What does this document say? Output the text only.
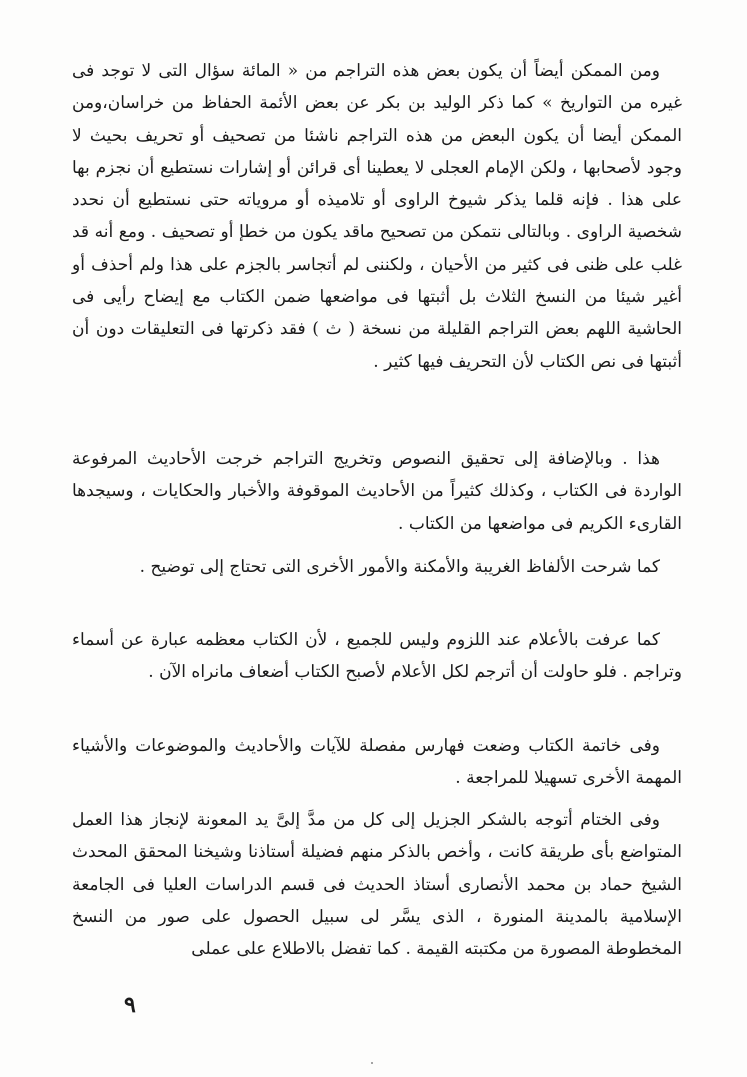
ومن الممكن أيضاً أن يكون بعض هذه التراجم من « المائة سؤال التى لا توجد فى غيره من التواريخ » كما ذكر الوليد بن بكر عن بعض الأئمة الحفاظ من خراسان،ومن الممكن أيضا أن يكون البعض من هذه التراجم ناشئا من تصحيف أو تحريف بحيث لا وجود لأصحابها ، ولكن الإمام العجلى لا يعطينا أى قرائن أو إشارات نستطيع أن نجزم بها على هذا . فإنه قلما يذكر شيوخ الراوى أو تلاميذه أو مروياته حتى نستطيع أن نحدد شخصية الراوى . وبالتالى نتمكن من تصحيح ماقد يكون من خطإ أو تصحيف . ومع أنه قد غلب على ظنى فى كثير من الأحيان ، ولكننى لم أتجاسر بالجزم على هذا ولم أحذف أو أغير شيئا من النسخ الثلاث بل أثبتها فى مواضعها ضمن الكتاب مع إيضاح رأيى فى الحاشية اللهم بعض التراجم القليلة من نسخة ( ث ) فقد ذكرتها فى التعليقات دون أن أثبتها فى نص الكتاب لأن التحريف فيها كثير .

هذا . وبالإضافة إلى تحقيق النصوص وتخريج التراجم خرجت الأحاديث المرفوعة الواردة فى الكتاب ، وكذلك كثيراً من الأحاديث الموقوفة والأخبار والحكايات ، وسيجدها القارىء الكريم فى مواضعها من الكتاب .

كما شرحت الألفاظ الغريبة والأمكنة والأمور الأخرى التى تحتاج إلى توضيح .

كما عرفت بالأعلام عند اللزوم وليس للجميع ، لأن الكتاب معظمه عبارة عن أسماء وتراجم . فلو حاولت أن أترجم لكل الأعلام لأصبح الكتاب أضعاف مانراه الآن .

وفى خاتمة الكتاب وضعت فهارس مفصلة للآيات والأحاديث والموضوعات والأشياء المهمة الأخرى تسهيلا للمراجعة .

وفى الختام أتوجه بالشكر الجزيل إلى كل من مدَّ إلىَّ يد المعونة لإنجاز هذا العمل المتواضع بأى طريقة كانت ، وأخص بالذكر منهم فضيلة أستاذنا وشيخنا المحقق المحدث الشيخ حماد بن محمد الأنصارى أستاذ الحديث فى قسم الدراسات العليا فى الجامعة الإسلامية بالمدينة المنورة ، الذى يسَّر لى سبيل الحصول على صور من النسخ المخطوطة المصورة من مكتبته القيمة . كما تفضل بالاطلاع على عملى

٩
